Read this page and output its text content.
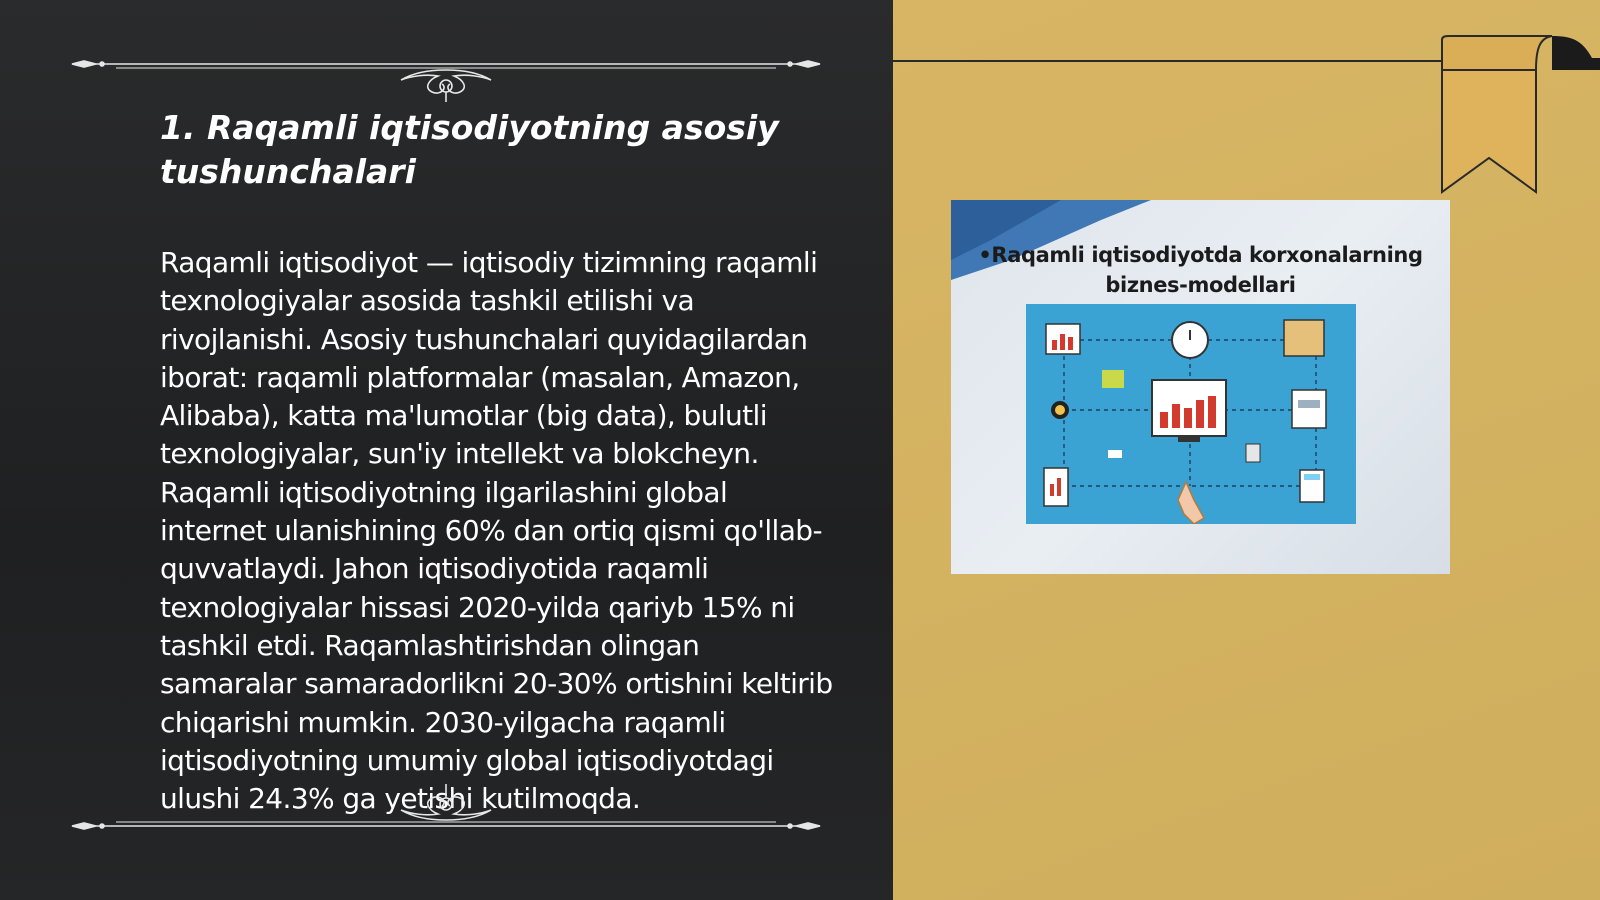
1. Raqamli iqtisodiyotning asosiy tushunchalari

Raqamli iqtisodiyot — iqtisodiy tizimning raqamli texnologiyalar asosida tashkil etilishi va rivojlanishi. Asosiy tushunchalari quyidagilardan iborat: raqamli platformalar (masalan, Amazon, Alibaba), katta ma'lumotlar (big data), bulutli texnologiyalar, sun'iy intellekt va blokcheyn. Raqamli iqtisodiyotning ilgarilashini global internet ulanishining 60% dan ortiq qismi qo'llab-quvvatlaydi. Jahon iqtisodiyotida raqamli texnologiyalar hissasi 2020-yilda qariyb 15% ni tashkil etdi. Raqamlashtirishdan olingan samaralar samaradorlikni 20-30% ortishini keltirib chiqarishi mumkin. 2030-yilgacha raqamli iqtisodiyotning umumiy global iqtisodiyotdagi ulushi 24.3% ga yetishi kutilmoqda.

•Raqamli iqtisodiyotda korxonalarning biznes-modellari
